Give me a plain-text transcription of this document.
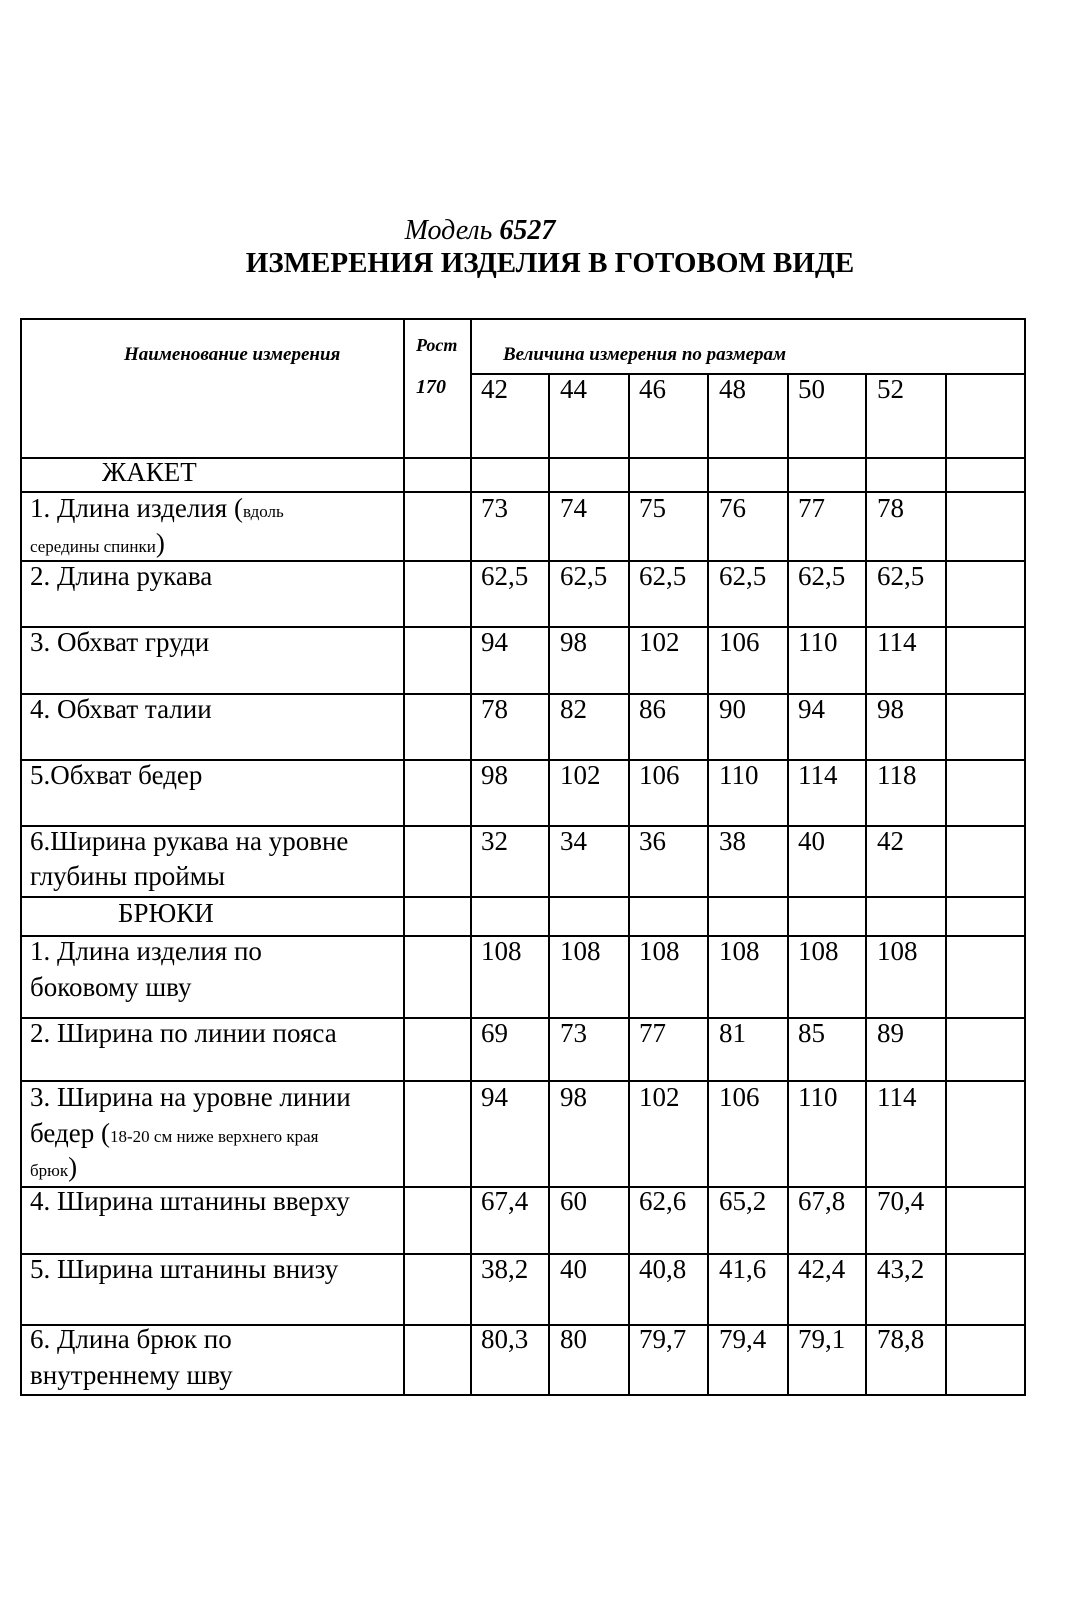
Модель 6527
ИЗМЕРЕНИЯ ИЗДЕЛИЯ В ГОТОВОМ ВИДЕ
Наименование измерения	Рост
170
Величина измерения по размерам
42 44 46 48 50 52
ЖАКЕТ
1. Длина изделия (вдоль
середины спинки)
73 74 75 76 77 78
2. Длина рукава	62,5 62,5 62,5 62,5 62,5 62,5
3. Обхват груди	94 98 102 106 110 114
4. Обхват талии	78 82 86 90 94 98
5.Обхват бедер	98 102 106 110 114 118
6.Ширина рукава на уровне
глубины проймы
32 34 36 38 40 42
БРЮКИ
1. Длина изделия по
боковому шву
108 108 108 108 108 108
2. Ширина по линии пояса	69 73 77 81 85 89
3. Ширина на уровне линии
бедер (18-20 см ниже верхнего края
брюк)
94 98 102 106 110 114
4. Ширина штанины вверху	67,4 60 62,6 65,2 67,8 70,4
5. Ширина штанины внизу	38,2 40 40,8 41,6 42,4 43,2
6. Длина брюк по
внутреннему шву
80,3 80 79,7 79,4 79,1 78,8
